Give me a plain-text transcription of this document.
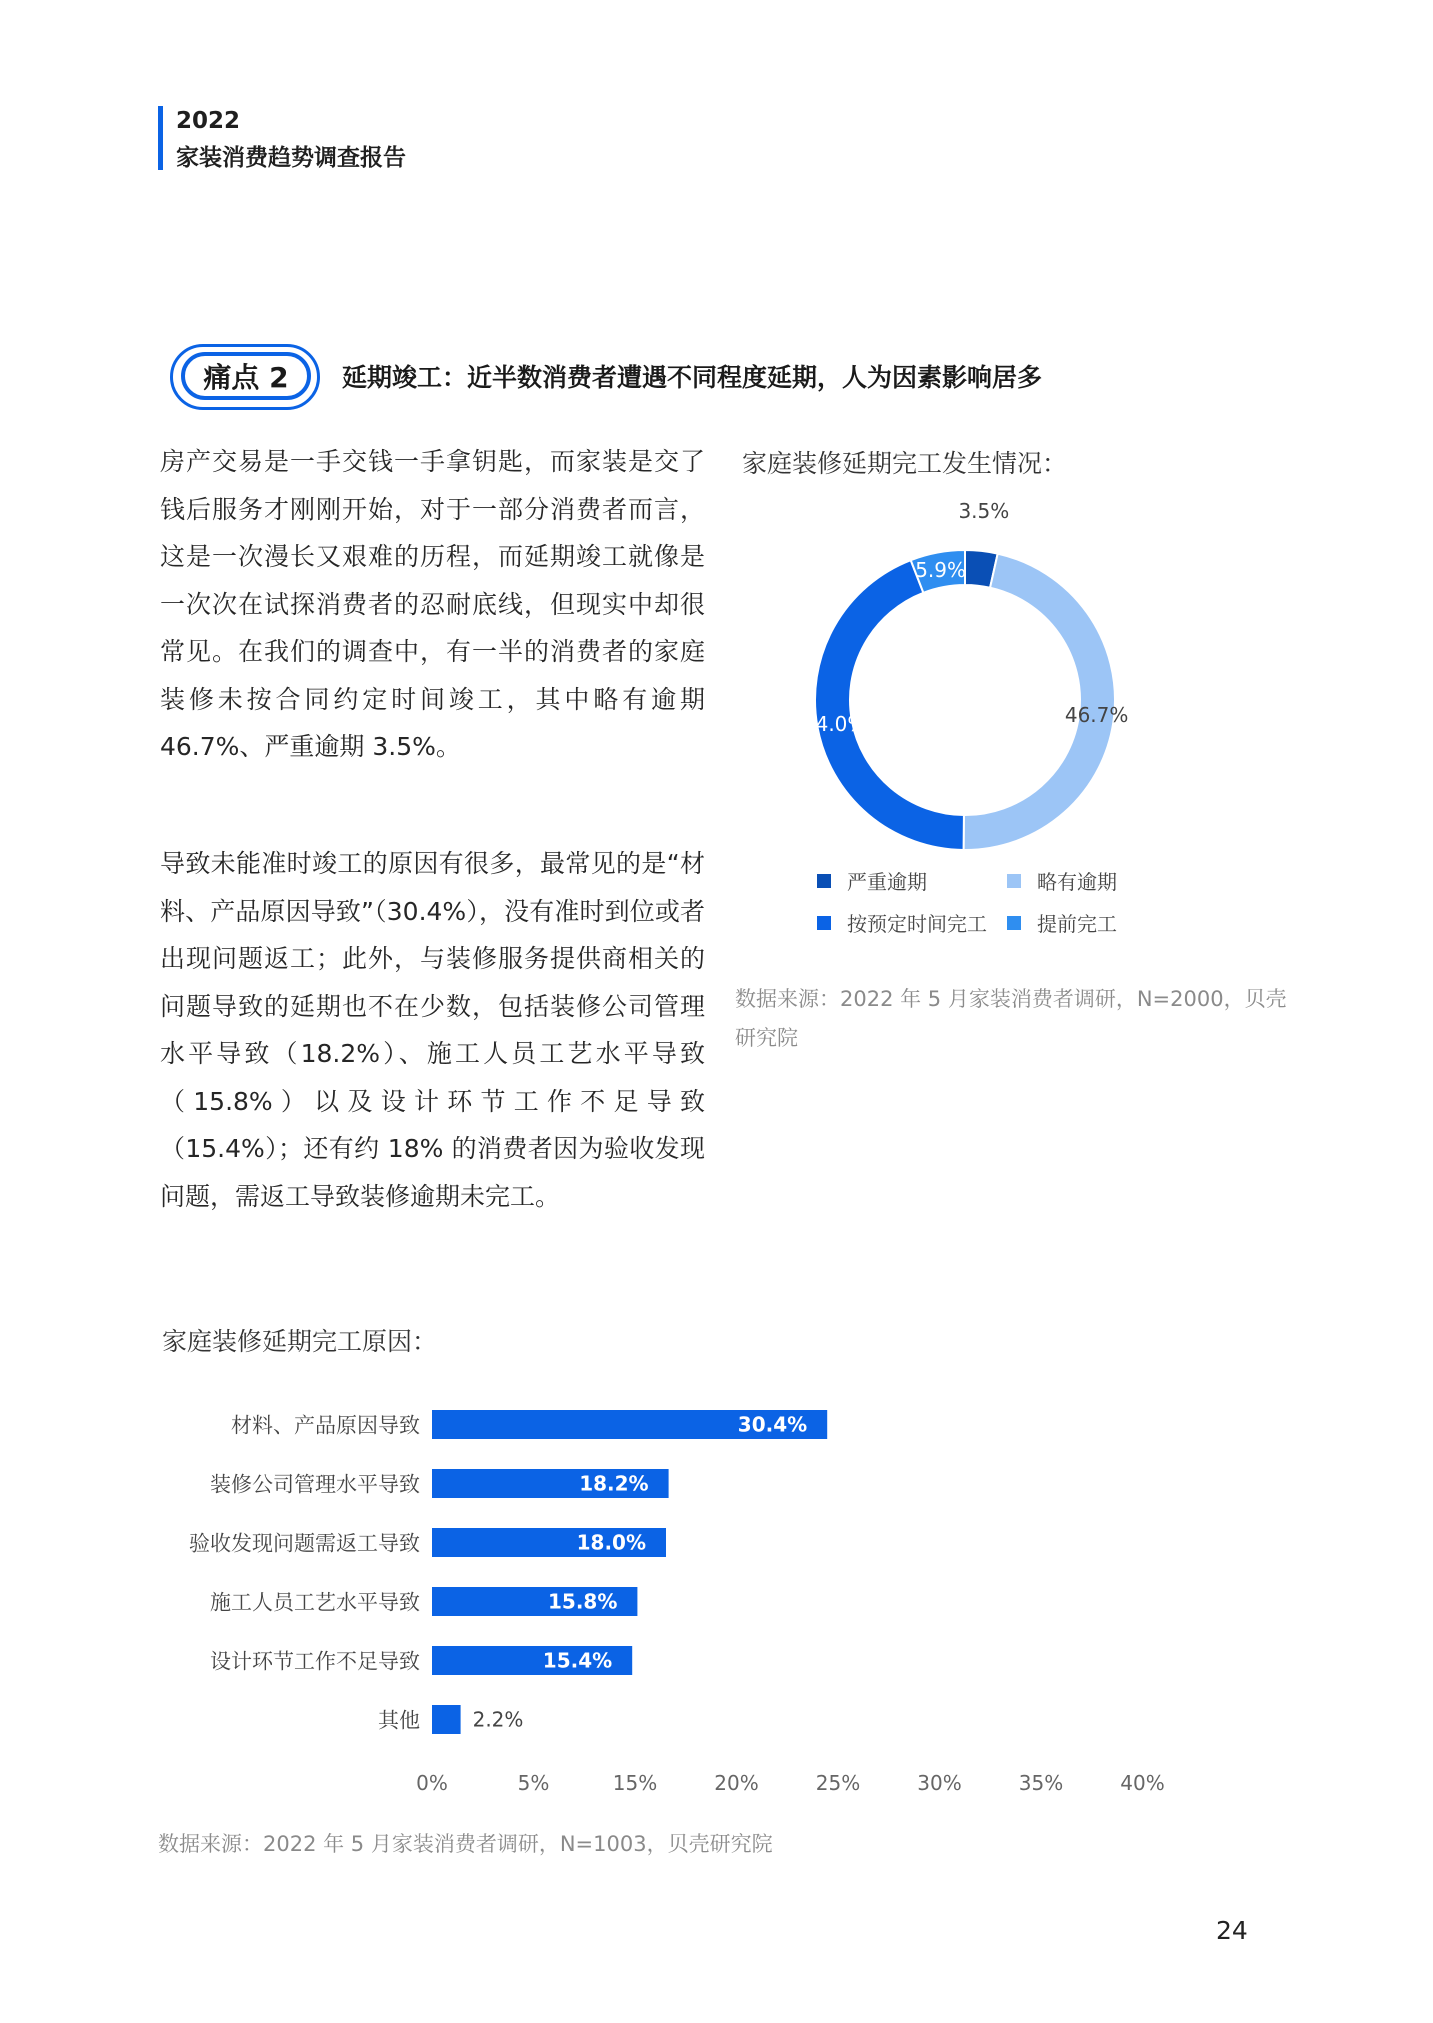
2022
家装消费趋势调查报告
痛点 2	延期竣工：近半数消费者遭遇不同程度延期，人为因素影响居多

房产交易是一手交钱一手拿钥匙，而家装是交了钱后服务才刚刚开始，对于一部分消费者而言，这是一次漫长又艰难的历程，而延期竣工就像是一次次在试探消费者的忍耐底线，但现实中却很常见。在我们的调查中，有一半的消费者的家庭装修未按合同约定时间竣工，其中略有逾期 46.7%、严重逾期 3.5%。

导致未能准时竣工的原因有很多，最常见的是“材料、产品原因导致”（30.4%），没有准时到位或者出现问题返工；此外，与装修服务提供商相关的问题导致的延期也不在少数，包括装修公司管理水平导致（18.2%）、施工人员工艺水平导致（15.8%）以及设计环节工作不足导致（15.4%）；还有约 18% 的消费者因为验收发现问题，需返工导致装修逾期未完工。

家庭装修延期完工发生情况：
3.5%
46.7%
44.0%
5.9%
严重逾期	略有逾期
按预定时间完工	提前完工

数据来源：2022 年 5 月家装消费者调研，N=2000，贝壳研究院

家庭装修延期完工原因：
材料、产品原因导致	30.4%
装修公司管理水平导致	18.2%
验收发现问题需返工导致	18.0%
施工人员工艺水平导致	15.8%
设计环节工作不足导致	15.4%
其他	2.2%
0%	5%	15%	20%	25%	30%	35%	40%
数据来源：2022 年 5 月家装消费者调研，N=1003，贝壳研究院
24
